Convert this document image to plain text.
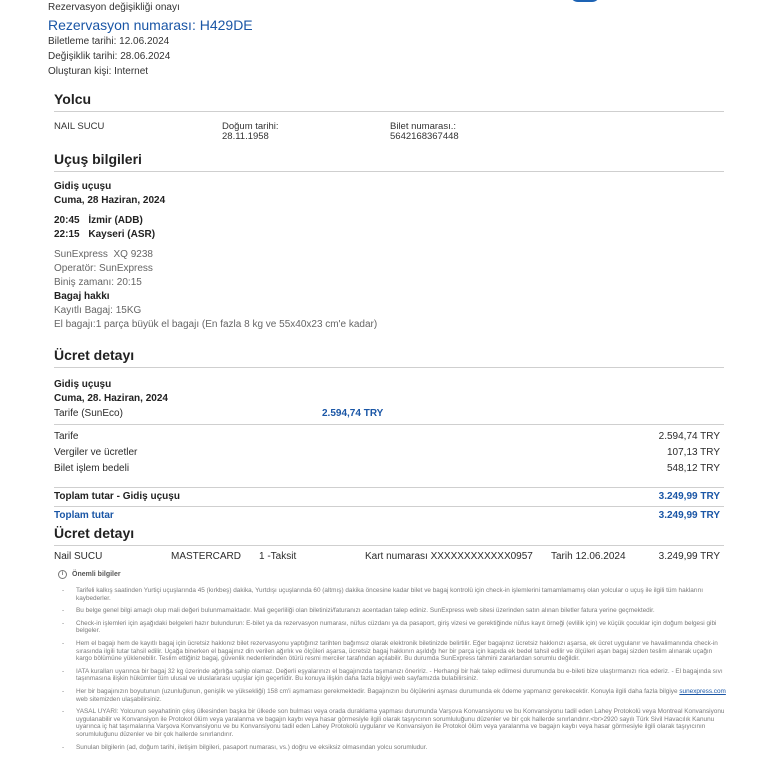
Rezervasyon değişikliği onayı
Rezervasyon numarası: H429DE
Biletleme tarihi: 12.06.2024
Değişiklik tarihi: 28.06.2024
Oluşturan kişi: Internet
Yolcu
NAIL SUCU	Doğum tarihi:
28.11.1958
Bilet numarası.:
5642168367448
Uçuş bilgileri
Gidiş uçuşu
Cuma, 28 Haziran, 2024
20:45 İzmir (ADB)
22:15 Kayseri (ASR)
SunExpress  XQ 9238
Operatör: SunExpress
Biniş zamanı: 20:15
Bagaj hakkı
Kayıtlı Bagaj: 15KG
El bagajı:1 parça büyük el bagajı (En fazla 8 kg ve 55x40x23 cm'e kadar)
Ücret detayı
Gidiş uçuşu
Cuma, 28. Haziran, 2024
Tarife (SunEco)	2.594,74 TRY
Tarife	2.594,74 TRY
Vergiler ve ücretler	107,13 TRY
Bilet işlem bedeli	548,12 TRY
Toplam tutar - Gidiş uçuşu	3.249,99 TRY
Toplam tutar	3.249,99 TRY
Ücret detayı
Nail SUCU	MASTERCARD 1 -Taksit	Kart numarası XXXXXXXXXXXX0957 Tarih 12.06.2024	3.249,99 TRY
i	Önemli bilgiler
- Tarifeli kalkış saatinden Yurtiçi uçuşlarında 45 (kırkbeş) dakika, Yurtdışı uçuşlarında 60 (altmış) dakika öncesine kadar bilet ve bagaj kontrolü için check-in işlemlerini tamamlamamış olan yolcular o uçuş ile ilgili tüm haklarını kaybederler.
- Bu belge genel bilgi amaçlı olup mali değeri bulunmamaktadır. Mali geçerliliği olan biletinizi/faturanızı acentadan talep ediniz. SunExpress web sitesi üzerinden satın alınan biletler fatura yerine geçmektedir.
- Check-in işlemleri için aşağıdaki belgeleri hazır bulundurun: E-bilet ya da rezervasyon numarası, nüfus cüzdanı ya da pasaport, giriş vizesi ve gerektiğinde nüfus kayıt örneği (evlilik için) ve küçük çocuklar için doğum belgesi gibi belgeler.
- Hem el bagajı hem de kayıtlı bagaj için ücretsiz hakkınız bilet rezervasyonu yaptığınız tarihten bağımsız olarak elektronik biletinizde belirtilir. Eğer bagajınız ücretsiz hakkınızı aşarsa, ek ücret uygulanır ve havalimanında check-in sırasında ilgili tutar tahsil edilir. Uçağa binerken el bagajınız din verilen ağırlık ve ölçüleri aşarsa, ücretsiz bagaj hakkının aşıldığı her bir parça için kapıda ek bedel tahsil edilir ve ölçüleri aşan bagaj sizden teslim alınarak uçağın kargo bölümüne yüklenebilir. Teslim ettiğiniz bagaj, güvenlik nedenlerinden ötürü resmi merciler tarafından açılabilir. Bu durumda SunExpress tahmini zararlardan sorumlu değildir.
- IATA kuralları uyarınca bir bagaj 32 kg üzerinde ağırlığa sahip olamaz. Değerli eşyalarınızı el bagajınızda taşımanızı öneririz. - Herhangi bir hak talep edilmesi durumunda bu e-bileti bize ulaştırmanızı rica ederiz. - El bagajında sıvı taşınmasına ilişkin hükümler tüm ulusal ve uluslararası uçuşlar için geçerlidir. Bu konuya ilişkin daha fazla bilgiyi web sayfamızda bulabilirsiniz.
- Her bir bagajınızın boyutunun (uzunluğunun, genişlik ve yüksekliği) 158 cm'i aşmaması gerekmektedir. Bagajınızın bu ölçülerini aşması durumunda ek ödeme yapmanız gerekecektir. Konuyla ilgili daha fazla bilgiye sunexpress.com web sitemizden ulaşabilirsiniz.
- YASAL UYARI: Yolcunun seyahatinin çıkış ülkesinden başka bir ülkede son bulması veya orada duraklama yapması durumunda Varşova Konvansiyonu ve bu Konvansiyonu tadil eden Lahey Protokolü veya Montreal Konvansiyonu uygulanabilir ve Konvansiyon ile Protokol ölüm veya yaralanma ve bagajın kaybı veya hasar görmesiyle ilgili olarak taşıyıcının sorumluluğunu düzenler ve bir çok hallerde sınırlandırır.<br>2920 sayılı Türk Sivil Havacılık Kanunu uyarınca iç hat taşımalarına Varşova Konvansiyonu ve bu Konvansiyonu tadil eden Lahey Protokolü uygulanır ve Konvansiyon ile Protokol ölüm veya yaralanma ve bagajın kaybı veya hasar görmesiyle ilgili olarak taşıyıcının sorumluluğunu düzenler ve bir çok hallerde sınırlandırır.
- Sunulan bilgilerin (ad, doğum tarihi, iletişim bilgileri, pasaport numarası, vs.) doğru ve eksiksiz olmasından yolcu sorumludur.
